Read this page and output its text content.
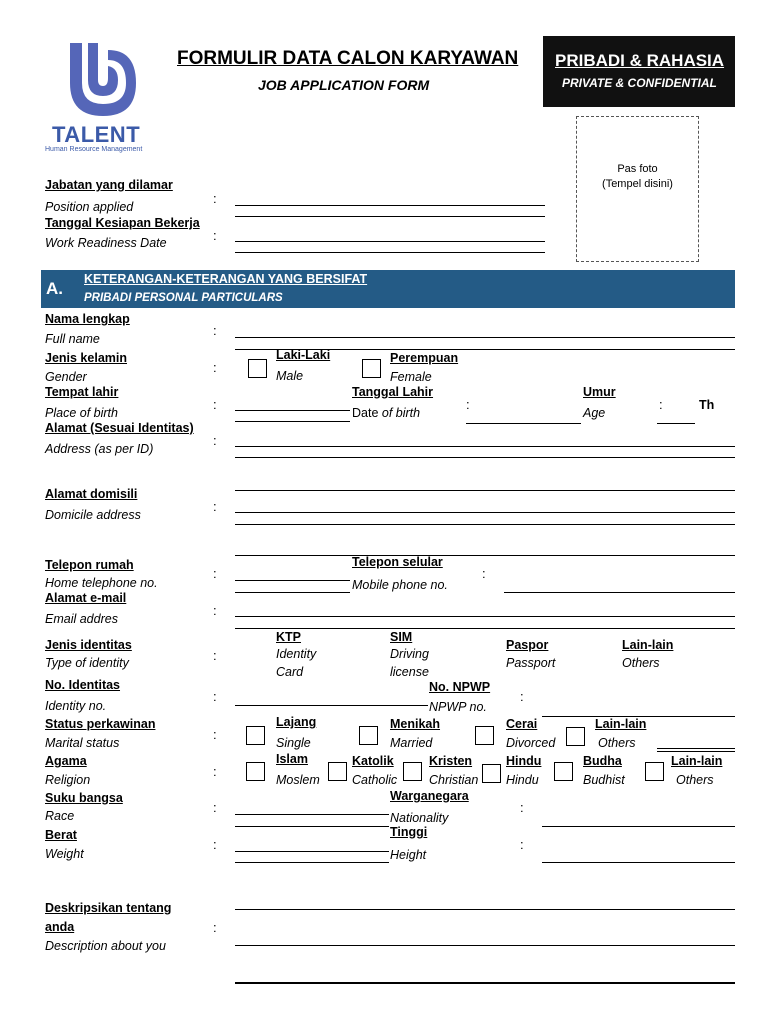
TALENT
Human Resource Management
FORMULIR DATA CALON KARYAWAN
JOB APPLICATION FORM
PRIBADI & RAHASIA
PRIVATE & CONFIDENTIAL
Pas foto
(Tempel disini)
Jabatan yang dilamar
Position applied
:
Tanggal Kesiapan Bekerja
Work Readiness Date	:
A. KETERANGAN-KETERANGAN YANG BERSIFAT
PRIBADI PERSONAL PARTICULARS
Nama lengkap
Full name
:
Jenis kelamin
Gender
:
Laki-Laki
Male
Perempuan
Female
Tempat lahir
Place of birth
:
Tanggal Lahir
Date of birth
:
Umur
Age
:	Th
Alamat (Sesuai Identitas)
Address (as per ID)
:
Alamat domisili
Domicile address
:
Telepon rumah
Home telephone no.
:
Telepon selular
Mobile phone no.
:
Alamat e-mail
Email addres
:
Jenis identitas
Type of identity	:
KTP
Identity
Card
SIM
Driving
license
Paspor
Passport
Lain-lain
Others
No. Identitas
Identity no.
:
No. NPWP
NPWP no.
:
Status perkawinan
Marital status
:
Lajang
Single
Menikah
Married
Cerai
Divorced
Lain-lain
Others
Agama
Religion
:
Islam
Moslem
Katolik
Catholic
Kristen
Christian
Hindu
Hindu
Budha
Budhist
Lain-lain
Others
Suku bangsa
Race
:
Warganegara
Nationality
:
Berat
Weight
:
Tinggi
Height
:
Deskripsikan tentang
anda
Description about you
:
